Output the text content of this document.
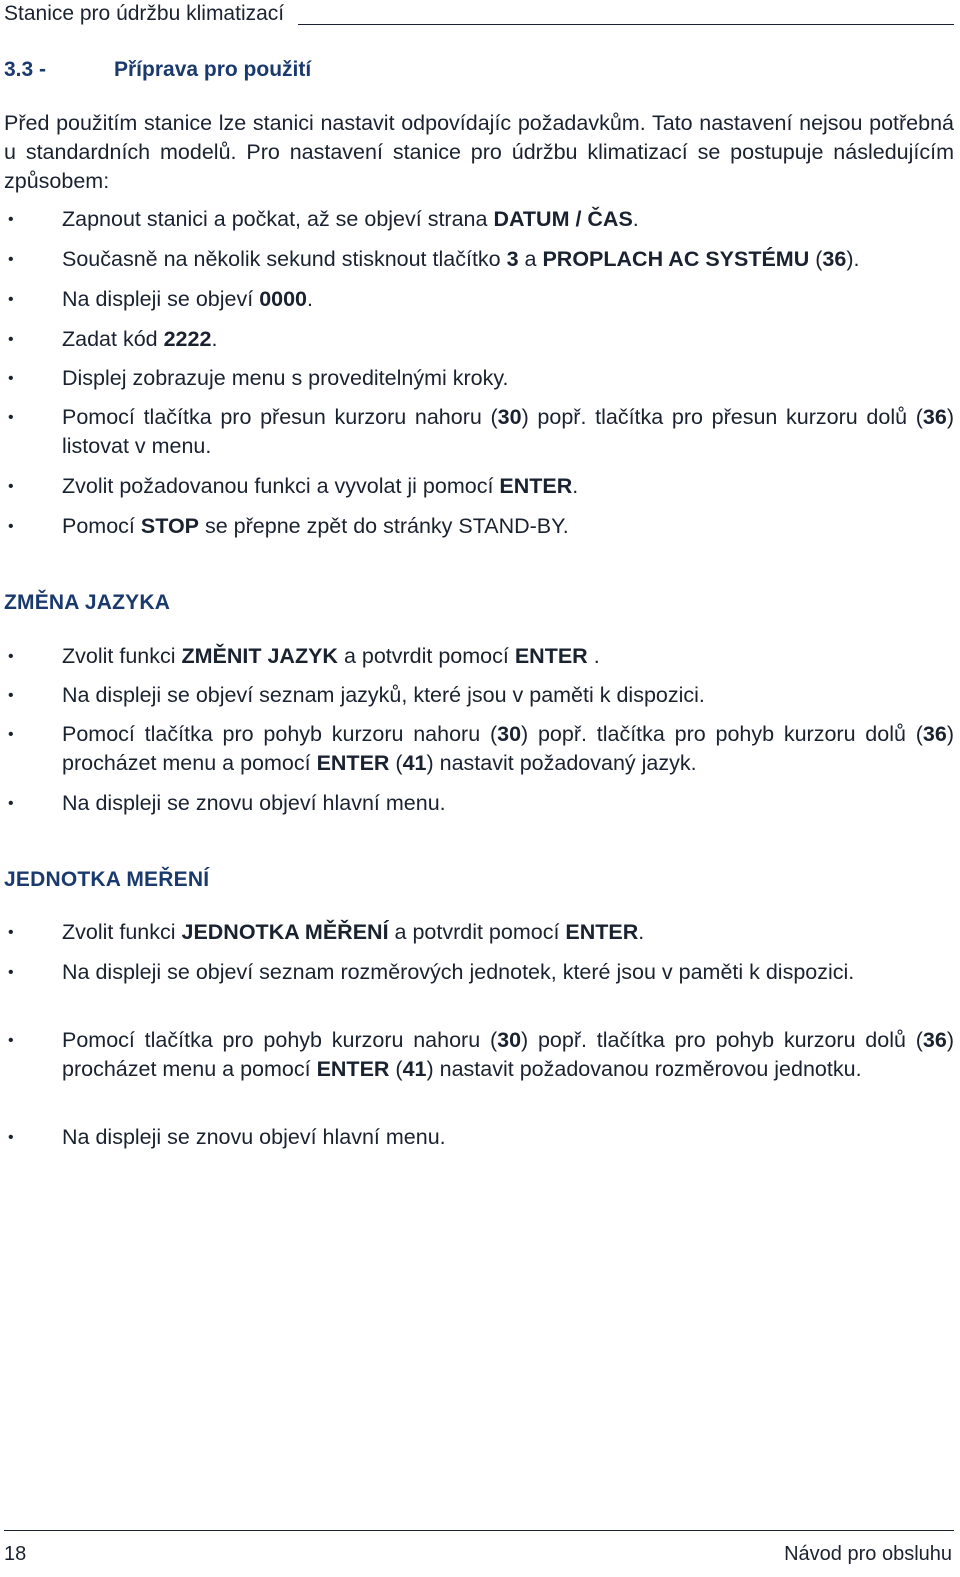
Stanice pro údržbu klimatizací
3.3 -	Příprava pro použití
Před použitím stanice lze stanici nastavit odpovídajíc požadavkům. Tato nastavení nejsou potřebná u standardních modelů. Pro nastavení stanice pro údržbu klimatizací se postupuje následujícím způsobem:
•	Zapnout stanici a počkat, až se objeví strana DATUM / ČAS.
•	Současně na několik sekund stisknout tlačítko 3 a PROPLACH AC SYSTÉMU (36).
•	Na displeji se objeví 0000.
•	Zadat kód 2222.
•	Displej zobrazuje menu s proveditelnými kroky.
•	Pomocí tlačítka pro přesun kurzoru nahoru (30) popř. tlačítka pro přesun kurzoru dolů (36) listovat v menu.
•	Zvolit požadovanou funkci a vyvolat ji pomocí ENTER.
•	Pomocí STOP se přepne zpět do stránky STAND-BY.
ZMĚNA JAZYKA
•	Zvolit funkci ZMĚNIT JAZYK a potvrdit pomocí ENTER .
•	Na displeji se objeví seznam jazyků, které jsou v paměti k dispozici.
•	Pomocí tlačítka pro pohyb kurzoru nahoru (30) popř. tlačítka pro pohyb kurzoru dolů (36) procházet menu a pomocí ENTER (41) nastavit požadovaný jazyk.
•	Na displeji se znovu objeví hlavní menu.
JEDNOTKA MEŘENÍ
•	Zvolit funkci JEDNOTKA MĚŘENÍ a potvrdit pomocí ENTER.
•	Na displeji se objeví seznam rozměrových jednotek, které jsou v paměti k dispozici.
•	Pomocí tlačítka pro pohyb kurzoru nahoru (30) popř. tlačítka pro pohyb kurzoru dolů (36) procházet menu a pomocí ENTER (41) nastavit požadovanou rozměrovou jednotku.
•	Na displeji se znovu objeví hlavní menu.
18	Návod pro obsluhu
